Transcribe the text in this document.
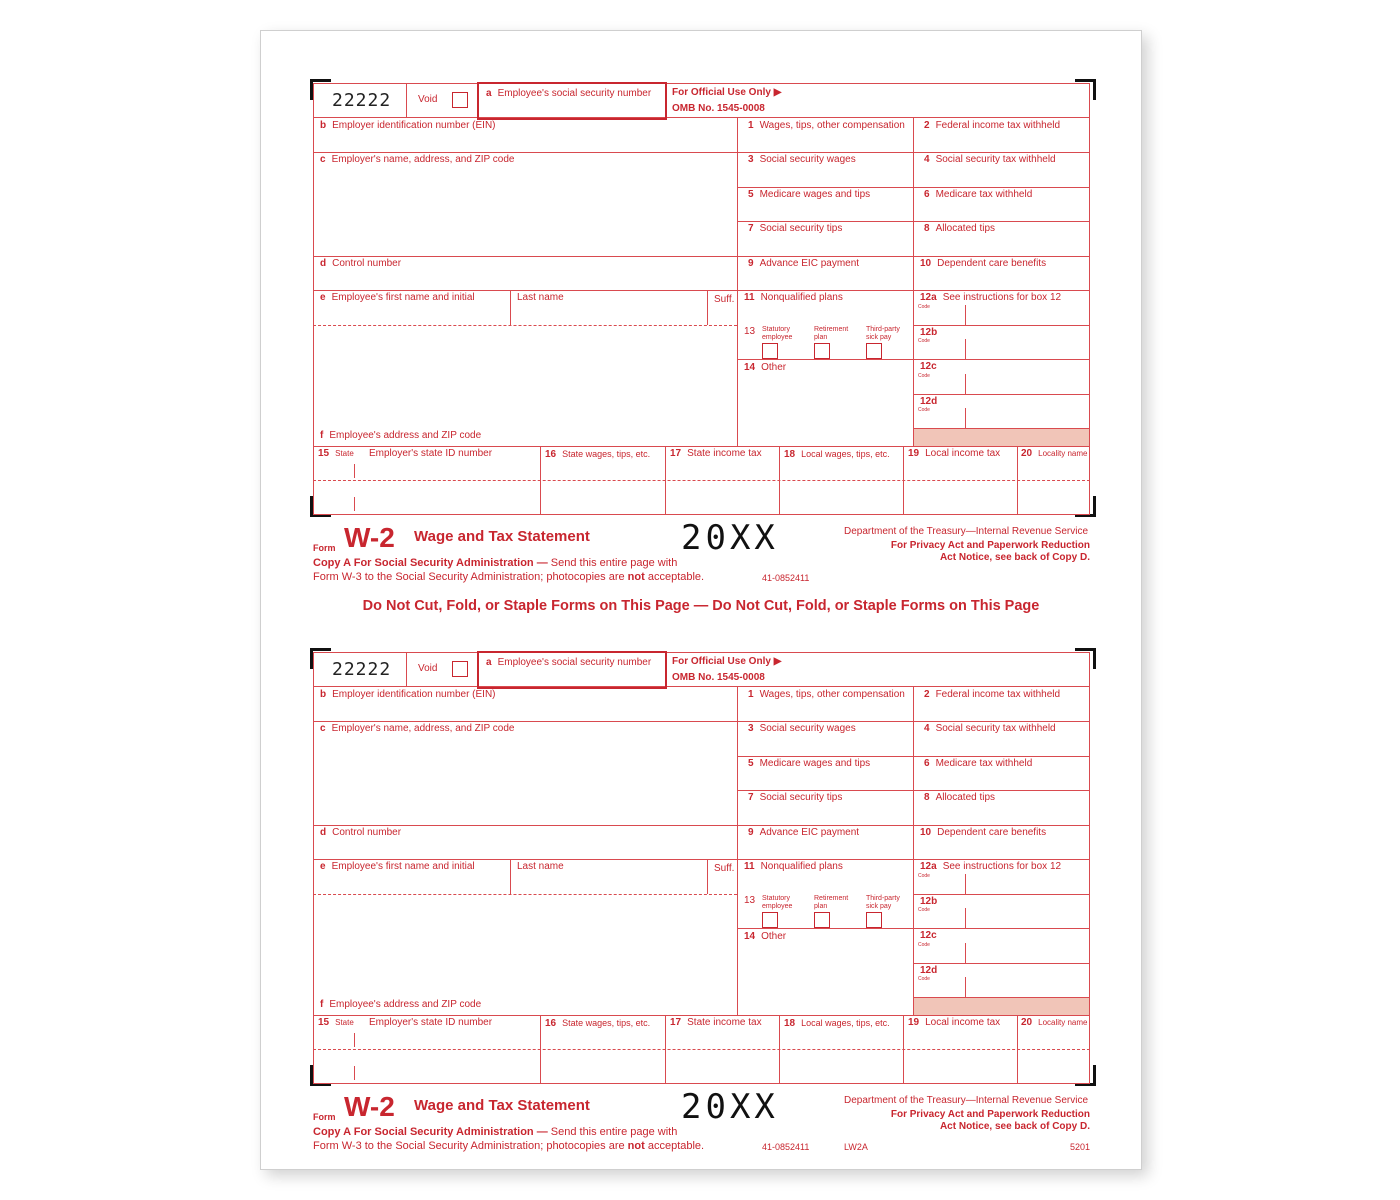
Do Not Cut, Fold, or Staple Forms on This Page — Do Not Cut, Fold, or Staple Forms on This Page
22222	Void
a Employee's social security number For Official Use Only ▶
OMB No. 1545-0008
b Employer identification number (EIN)
c Employer's name, address, and ZIP code
d Control number
e Employee's first name and initial	Last name	Suff.
f Employee's address and ZIP code
1 Wages, tips, other compensation 2 Federal income tax withheld
3 Social security wages	4 Social security tax withheld
5 Medicare wages and tips	6 Medicare tax withheld
7 Social security tips	8 Allocated tips
9 Advance EIC payment	10 Dependent care benefits
11 Nonqualified plans	12a See instructions for box 12
12b
12c
12d
Code
Code
Code
Code
13 Statutory employee
Retirement plan
Third-party sick pay
14 Other
15 State Employer's state ID number	16 State wages, tips, etc. 17 State income tax 18 Local wages, tips, etc. 19 Local income tax 20 Locality name
Form W-2 Wage and Tax Statement	20XX	Department of the Treasury—Internal Revenue Service
For Privacy Act and Paperwork Reduction
Act Notice, see back of Copy D.
Copy A For Social Security Administration — Send this entire page with
Form W-3 to the Social Security Administration; photocopies are not acceptable.	41-0852411
22222	Void
a Employee's social security number For Official Use Only ▶
OMB No. 1545-0008
b Employer identification number (EIN)
c Employer's name, address, and ZIP code
d Control number
e Employee's first name and initial	Last name	Suff.
f Employee's address and ZIP code
1 Wages, tips, other compensation 2 Federal income tax withheld
3 Social security wages	4 Social security tax withheld
5 Medicare wages and tips	6 Medicare tax withheld
7 Social security tips	8 Allocated tips
9 Advance EIC payment	10 Dependent care benefits
11 Nonqualified plans	12a See instructions for box 12
12b
12c
12d
Code
Code
Code
Code
13 Statutory employee
Retirement plan
Third-party sick pay
14 Other
15 State Employer's state ID number	16 State wages, tips, etc. 17 State income tax 18 Local wages, tips, etc. 19 Local income tax 20 Locality name
Form W-2 Wage and Tax Statement	20XX	Department of the Treasury—Internal Revenue Service
For Privacy Act and Paperwork Reduction
Act Notice, see back of Copy D.
Copy A For Social Security Administration — Send this entire page with
Form W-3 to the Social Security Administration; photocopies are not acceptable.	41-0852411	LW2A	5201
